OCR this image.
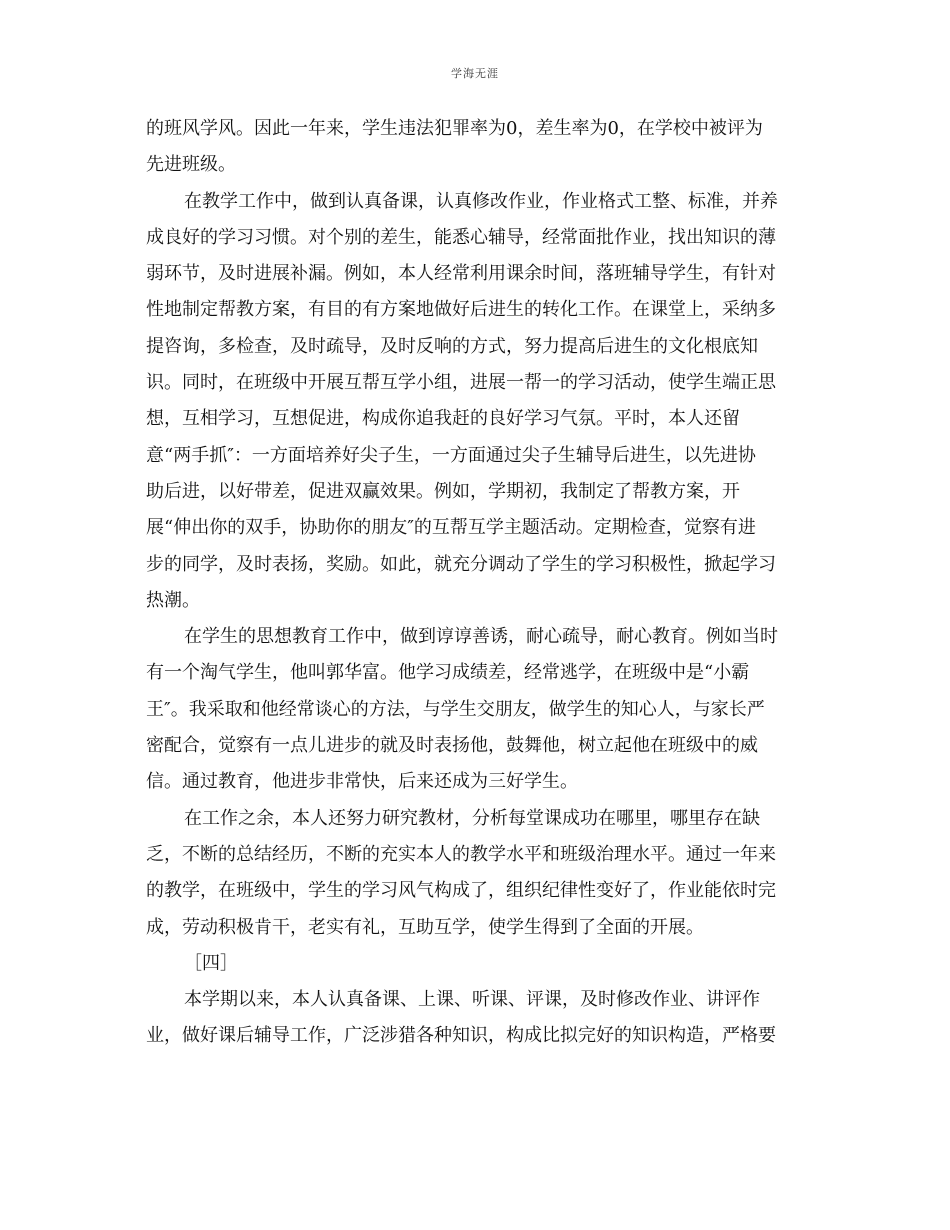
学海无涯
的班风学风。因此一年来，学生违法犯罪率为0，差生率为0，在学校中被评为
先进班级。
在教学工作中，做到认真备课，认真修改作业，作业格式工整、标准，并养
成良好的学习习惯。对个别的差生，能悉心辅导，经常面批作业，找出知识的薄
弱环节，及时进展补漏。例如，本人经常利用课余时间，落班辅导学生，有针对
性地制定帮教方案，有目的有方案地做好后进生的转化工作。在课堂上，采纳多
提咨询，多检查，及时疏导，及时反响的方式，努力提高后进生的文化根底知
识。同时，在班级中开展互帮互学小组，进展一帮一的学习活动，使学生端正思
想，互相学习，互想促进，构成你追我赶的良好学习气氛。平时，本人还留
意“两手抓″：一方面培养好尖子生，一方面通过尖子生辅导后进生，以先进协
助后进，以好带差，促进双赢效果。例如，学期初，我制定了帮教方案，开
展“伸出你的双手，协助你的朋友″的互帮互学主题活动。定期检查，觉察有进
步的同学，及时表扬，奖励。如此，就充分调动了学生的学习积极性，掀起学习
热潮。
在学生的思想教育工作中，做到谆谆善诱，耐心疏导，耐心教育。例如当时
有一个淘气学生，他叫郭华富。他学习成绩差，经常逃学，在班级中是“小霸
王″。我采取和他经常谈心的方法，与学生交朋友，做学生的知心人，与家长严
密配合，觉察有一点儿进步的就及时表扬他，鼓舞他，树立起他在班级中的威
信。通过教育，他进步非常快，后来还成为三好学生。
在工作之余，本人还努力研究教材，分析每堂课成功在哪里，哪里存在缺
乏，不断的总结经历，不断的充实本人的教学水平和班级治理水平。通过一年来
的教学，在班级中，学生的学习风气构成了，组织纪律性变好了，作业能依时完
成，劳动积极肯干，老实有礼，互助互学，使学生得到了全面的开展。
［四］
本学期以来，本人认真备课、上课、听课、评课，及时修改作业、讲评作
业，做好课后辅导工作，广泛涉猎各种知识，构成比拟完好的知识构造，严格要
